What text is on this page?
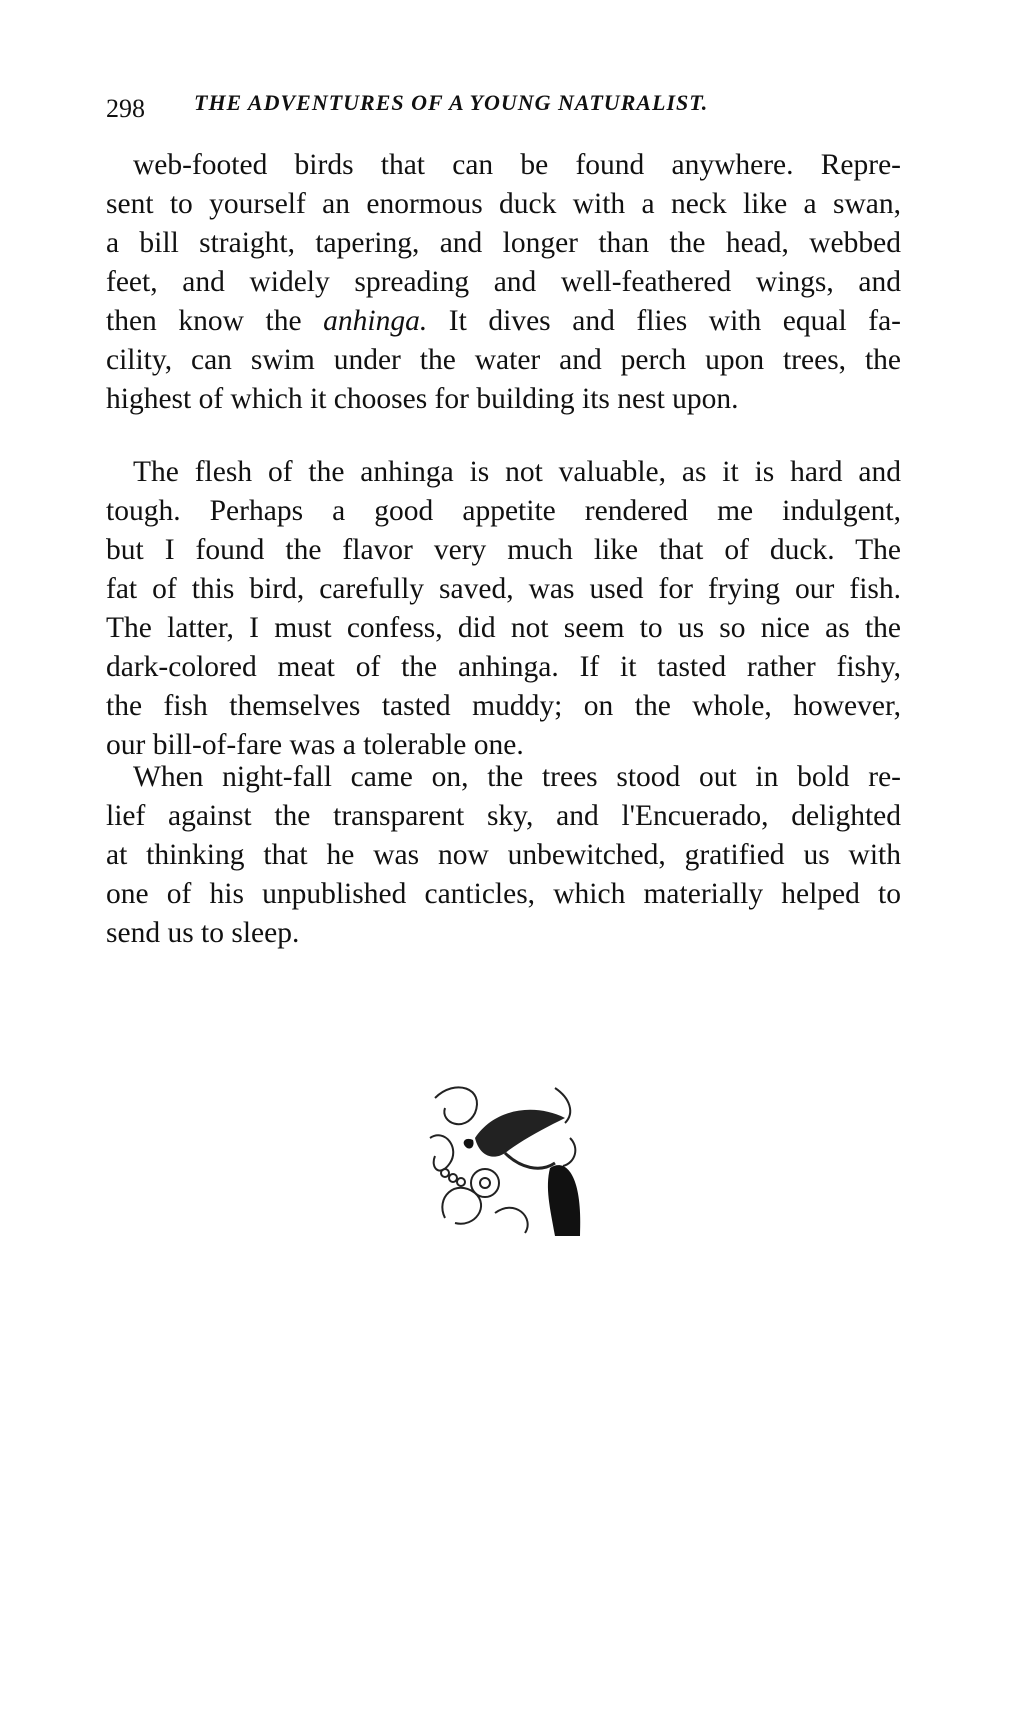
298 THE ADVENTURES OF A YOUNG NATURALIST.
web-footed birds that can be found anywhere. Repre-
sent to yourself an enormous duck with a neck like a swan,
a bill straight, tapering, and longer than the head, webbed
feet, and widely spreading and well-feathered wings, and
then know the anhinga. It dives and flies with equal fa-
cility, can swim under the water and perch upon trees, the
highest of which it chooses for building its nest upon.
The flesh of the anhinga is not valuable, as it is hard and
tough. Perhaps a good appetite rendered me indulgent,
but I found the flavor very much like that of duck. The
fat of this bird, carefully saved, was used for frying our fish.
The latter, I must confess, did not seem to us so nice as the
dark-colored meat of the anhinga. If it tasted rather fishy,
the fish themselves tasted muddy; on the whole, however,
our bill-of-fare was a tolerable one.
When night-fall came on, the trees stood out in bold re-
lief against the transparent sky, and l'Encuerado, delighted
at thinking that he was now unbewitched, gratified us with
one of his unpublished canticles, which materially helped to
send us to sleep.
